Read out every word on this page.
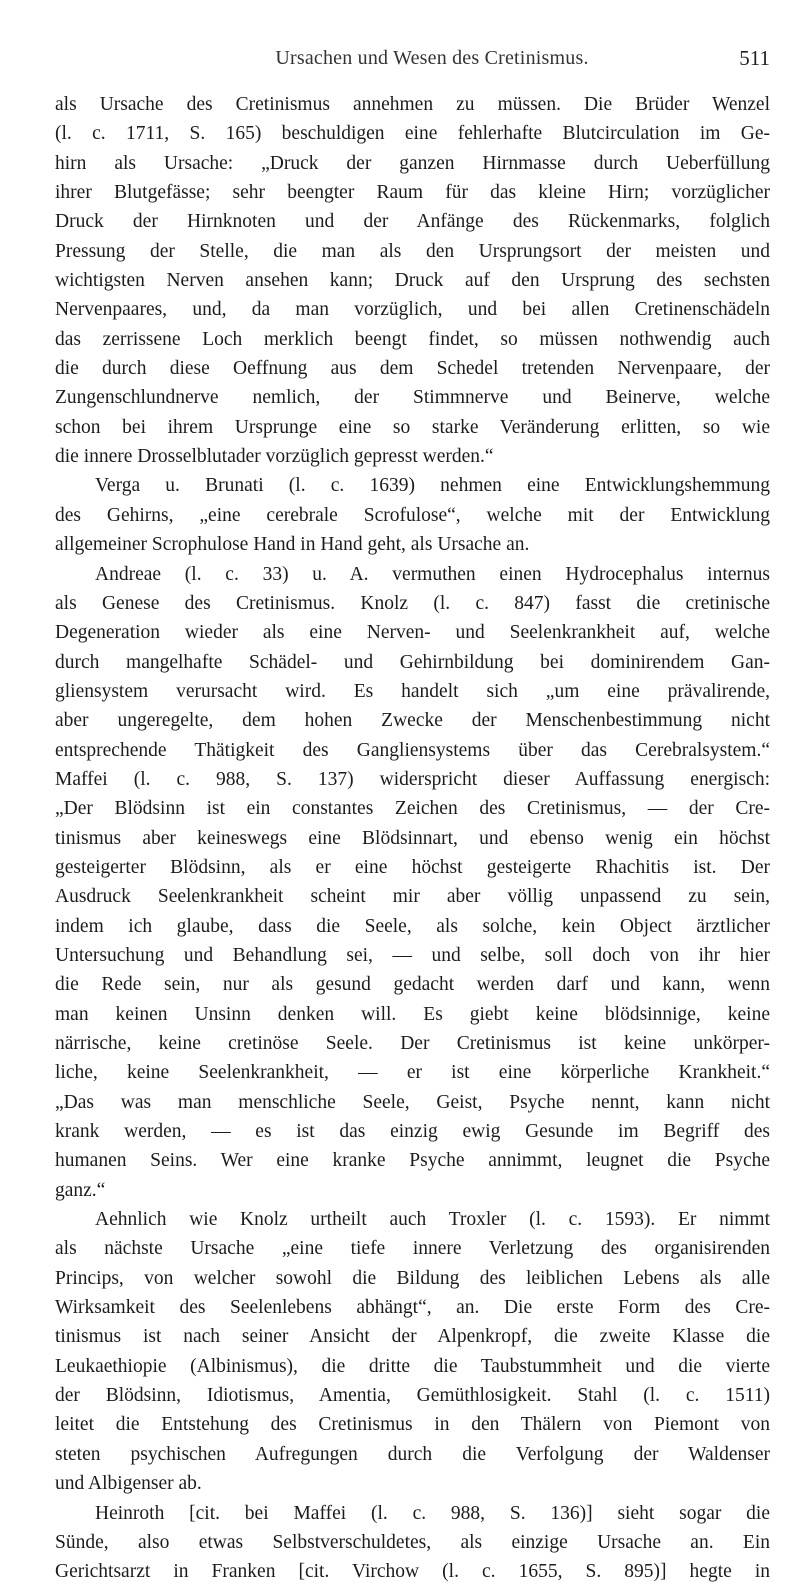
Ursachen und Wesen des Cretinismus.	511
als Ursache des Cretinismus annehmen zu müssen. Die Brüder Wenzel
(l. c. 1711, S. 165) beschuldigen eine fehlerhafte Blutcirculation im Ge-
hirn als Ursache: „Druck der ganzen Hirnmasse durch Ueberfüllung
ihrer Blutgefässe; sehr beengter Raum für das kleine Hirn; vorzüglicher
Druck der Hirnknoten und der Anfänge des Rückenmarks, folglich
Pressung der Stelle, die man als den Ursprungsort der meisten und
wichtigsten Nerven ansehen kann; Druck auf den Ursprung des sechsten
Nervenpaares, und, da man vorzüglich, und bei allen Cretinenschädeln
das zerrissene Loch merklich beengt findet, so müssen nothwendig auch
die durch diese Oeffnung aus dem Schedel tretenden Nervenpaare, der
Zungenschlundnerve nemlich, der Stimmnerve und Beinerve, welche
schon bei ihrem Ursprunge eine so starke Veränderung erlitten, so wie
die innere Drosselblutader vorzüglich gepresst werden.“
Verga u. Brunati (l. c. 1639) nehmen eine Entwicklungshemmung
des Gehirns, „eine cerebrale Scrofulose“, welche mit der Entwicklung
allgemeiner Scrophulose Hand in Hand geht, als Ursache an.
Andreae (l. c. 33) u. A. vermuthen einen Hydrocephalus internus
als Genese des Cretinismus. Knolz (l. c. 847) fasst die cretinische
Degeneration wieder als eine Nerven- und Seelenkrankheit auf, welche
durch mangelhafte Schädel- und Gehirnbildung bei dominirendem Gan-
gliensystem verursacht wird. Es handelt sich „um eine prävalirende,
aber ungeregelte, dem hohen Zwecke der Menschenbestimmung nicht
entsprechende Thätigkeit des Gangliensystems über das Cerebralsystem.“
Maffei (l. c. 988, S. 137) widerspricht dieser Auffassung energisch:
„Der Blödsinn ist ein constantes Zeichen des Cretinismus, — der Cre-
tinismus aber keineswegs eine Blödsinnart, und ebenso wenig ein höchst
gesteigerter Blödsinn, als er eine höchst gesteigerte Rhachitis ist. Der
Ausdruck Seelenkrankheit scheint mir aber völlig unpassend zu sein,
indem ich glaube, dass die Seele, als solche, kein Object ärztlicher
Untersuchung und Behandlung sei, — und selbe, soll doch von ihr hier
die Rede sein, nur als gesund gedacht werden darf und kann, wenn
man keinen Unsinn denken will. Es giebt keine blödsinnige, keine
närrische, keine cretinöse Seele. Der Cretinismus ist keine unkörper-
liche, keine Seelenkrankheit, — er ist eine körperliche Krankheit.“
„Das was man menschliche Seele, Geist, Psyche nennt, kann nicht
krank werden, — es ist das einzig ewig Gesunde im Begriff des
humanen Seins. Wer eine kranke Psyche annimmt, leugnet die Psyche
ganz.“
Aehnlich wie Knolz urtheilt auch Troxler (l. c. 1593). Er nimmt
als nächste Ursache „eine tiefe innere Verletzung des organisirenden
Princips, von welcher sowohl die Bildung des leiblichen Lebens als alle
Wirksamkeit des Seelenlebens abhängt“, an. Die erste Form des Cre-
tinismus ist nach seiner Ansicht der Alpenkropf, die zweite Klasse die
Leukaethiopie (Albinismus), die dritte die Taubstummheit und die vierte
der Blödsinn, Idiotismus, Amentia, Gemüthlosigkeit. Stahl (l. c. 1511)
leitet die Entstehung des Cretinismus in den Thälern von Piemont von
steten psychischen Aufregungen durch die Verfolgung der Waldenser
und Albigenser ab.
Heinroth [cit. bei Maffei (l. c. 988, S. 136)] sieht sogar die
Sünde, also etwas Selbstverschuldetes, als einzige Ursache an. Ein
Gerichtsarzt in Franken [cit. Virchow (l. c. 1655, S. 895)] hegte in
